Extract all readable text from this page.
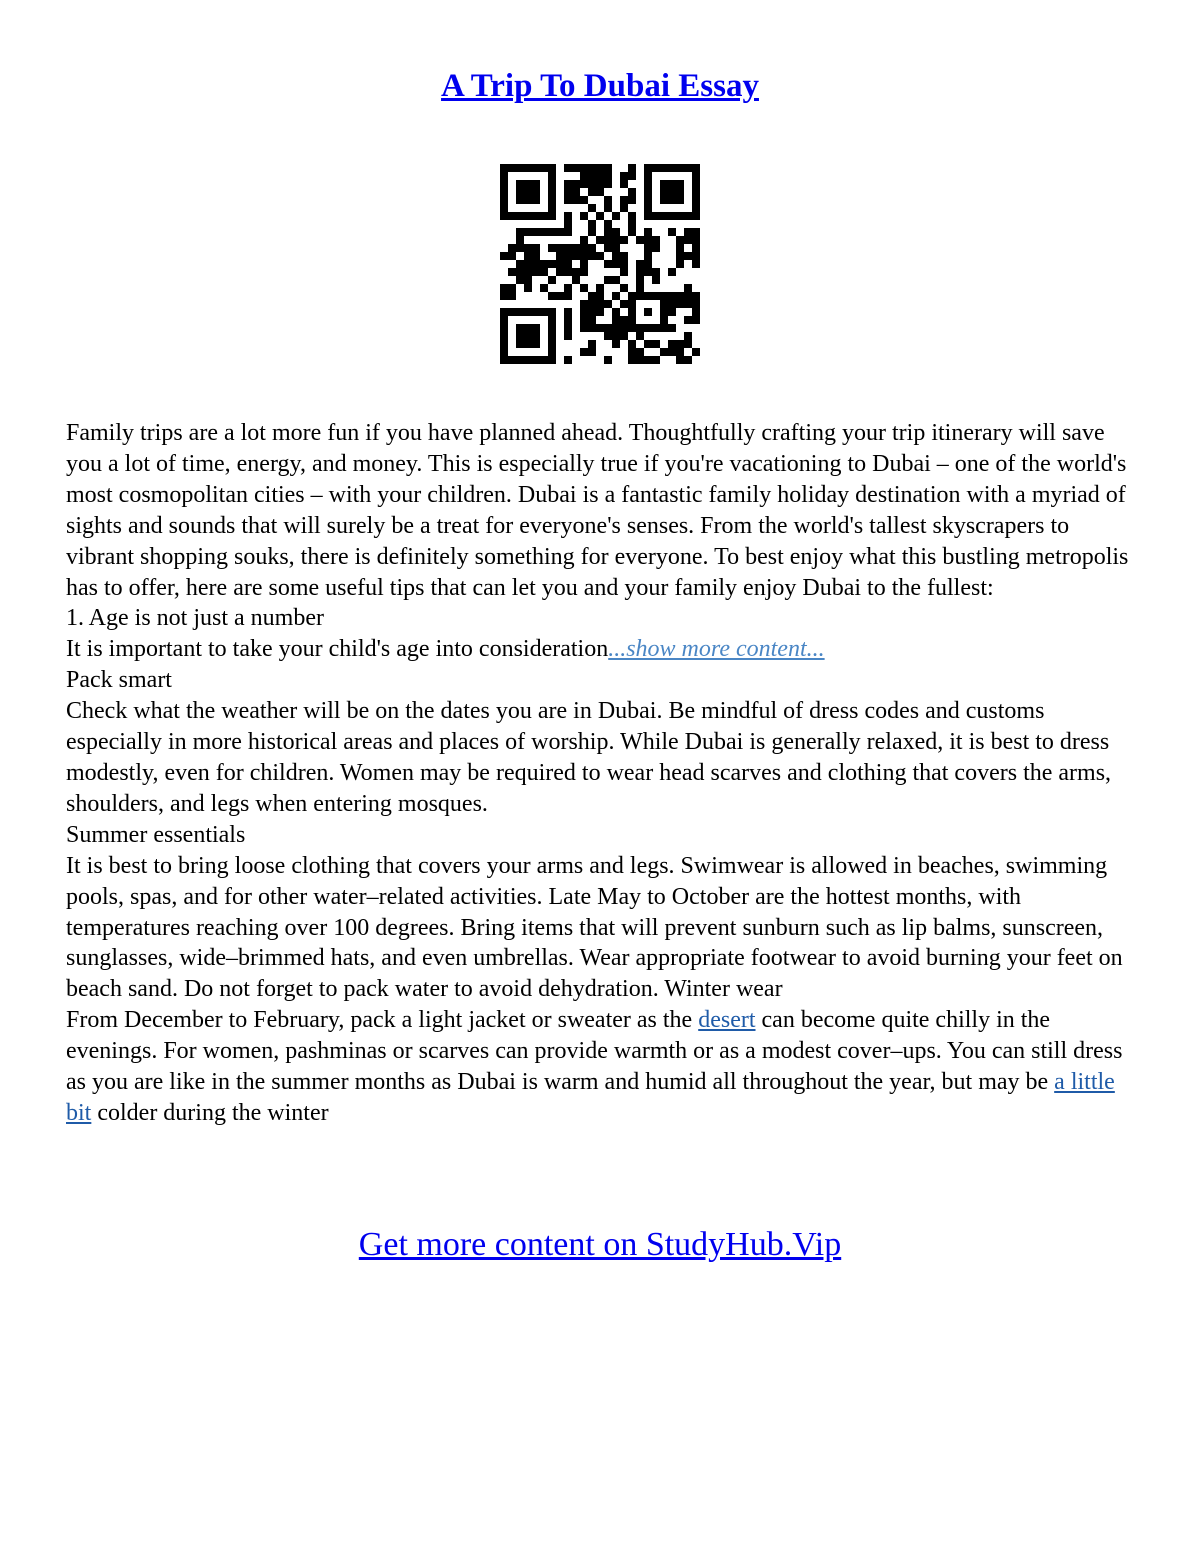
A Trip To Dubai Essay

Family trips are a lot more fun if you have planned ahead. Thoughtfully crafting your trip itinerary will save you a lot of time, energy, and money. This is especially true if you're vacationing to Dubai – one of the world's most cosmopolitan cities – with your children. Dubai is a fantastic family holiday destination with a myriad of sights and sounds that will surely be a treat for everyone's senses. From the world's tallest skyscrapers to vibrant shopping souks, there is definitely something for everyone. To best enjoy what this bustling metropolis has to offer, here are some useful tips that can let you and your family enjoy Dubai to the fullest:

1. Age is not just a number

It is important to take your child's age into consideration...show more content...

Pack smart

Check what the weather will be on the dates you are in Dubai. Be mindful of dress codes and customs especially in more historical areas and places of worship. While Dubai is generally relaxed, it is best to dress modestly, even for children. Women may be required to wear head scarves and clothing that covers the arms, shoulders, and legs when entering mosques.

Summer essentials

It is best to bring loose clothing that covers your arms and legs. Swimwear is allowed in beaches, swimming pools, spas, and for other water–related activities. Late May to October are the hottest months, with temperatures reaching over 100 degrees. Bring items that will prevent sunburn such as lip balms, sunscreen, sunglasses, wide–brimmed hats, and even umbrellas. Wear appropriate footwear to avoid burning your feet on beach sand. Do not forget to pack water to avoid dehydration. Winter wear

From December to February, pack a light jacket or sweater as the desert can become quite chilly in the evenings. For women, pashminas or scarves can provide warmth or as a modest cover–ups. You can still dress as you are like in the summer months as Dubai is warm and humid all throughout the year, but may be a little bit colder during the winter

Get more content on StudyHub.Vip
